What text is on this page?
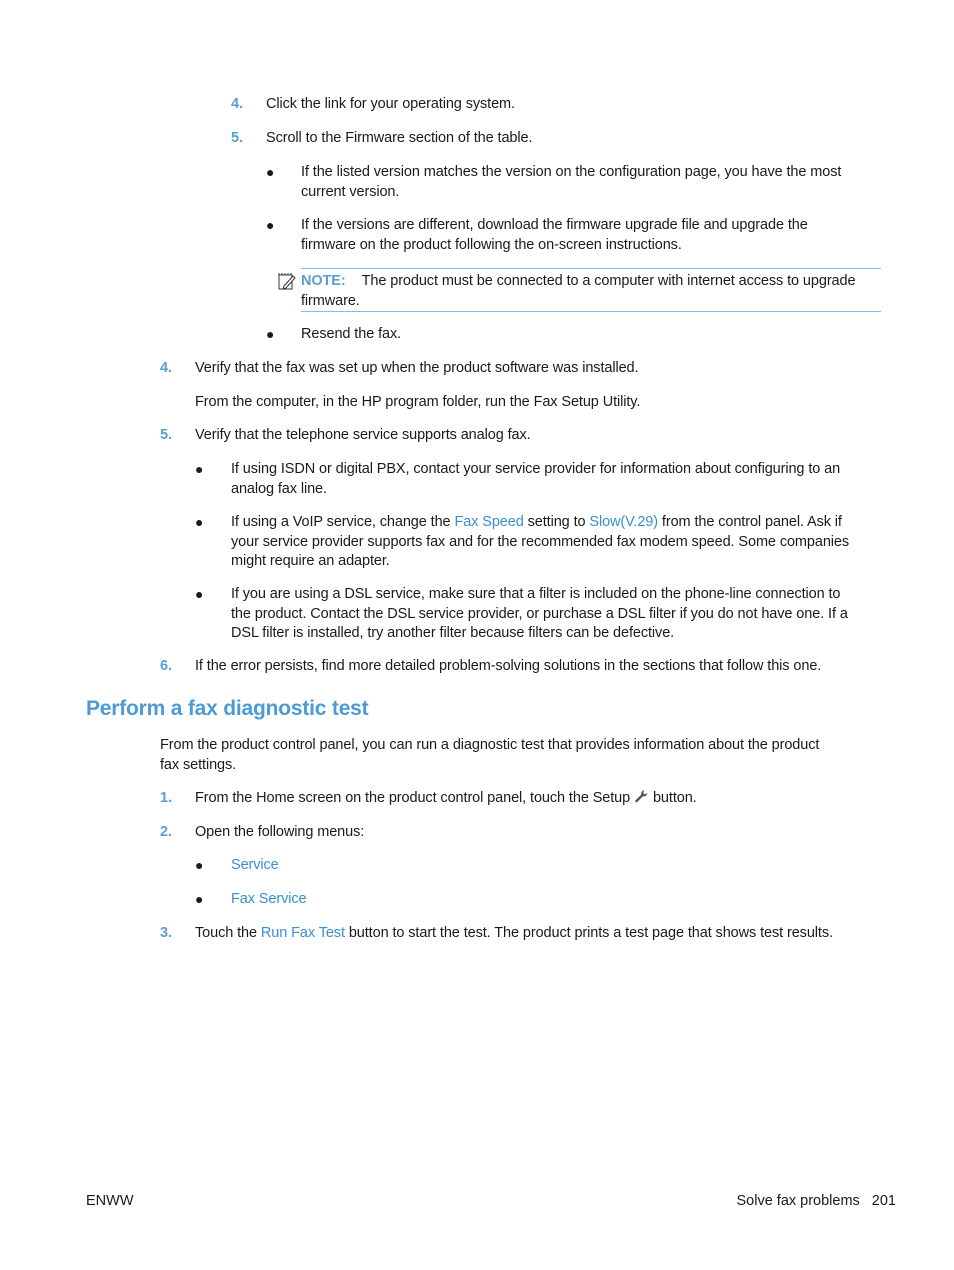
4. Click the link for your operating system.
5. Scroll to the Firmware section of the table.
● If the listed version matches the version on the configuration page, you have the most
current version.
● If the versions are different, download the firmware upgrade file and upgrade the
firmware on the product following the on-screen instructions.
NOTE: The product must be connected to a computer with internet access to upgrade
firmware.
● Resend the fax.
4. Verify that the fax was set up when the product software was installed.
From the computer, in the HP program folder, run the Fax Setup Utility.
5. Verify that the telephone service supports analog fax.
● If using ISDN or digital PBX, contact your service provider for information about configuring to an
analog fax line.
● If using a VoIP service, change the Fax Speed setting to Slow(V.29) from the control panel. Ask if
your service provider supports fax and for the recommended fax modem speed. Some companies
might require an adapter.
● If you are using a DSL service, make sure that a filter is included on the phone-line connection to
the product. Contact the DSL service provider, or purchase a DSL filter if you do not have one. If a
DSL filter is installed, try another filter because filters can be defective.
6. If the error persists, find more detailed problem-solving solutions in the sections that follow this one.
Perform a fax diagnostic test
From the product control panel, you can run a diagnostic test that provides information about the product
fax settings.
1. From the Home screen on the product control panel, touch the Setup  button.
2. Open the following menus:
● Service
● Fax Service
3. Touch the Run Fax Test button to start the test. The product prints a test page that shows test results.
ENWW	Solve fax problems 201
